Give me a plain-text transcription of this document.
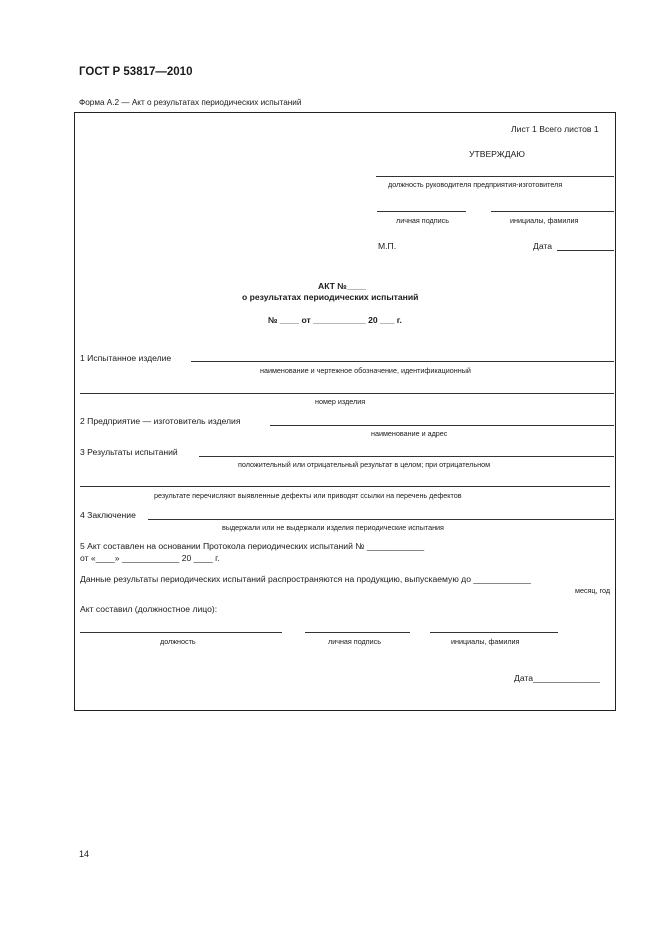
ГОСТ Р 53817—2010
Форма А.2 — Акт о результатах периодических испытаний
Лист 1 Всего листов 1
УТВЕРЖДАЮ
должность руководителя предприятия-изготовителя
личная подпись	инициалы, фамилия
М.П.	Дата
АКТ №____
о результатах периодических испытаний
№ ____ от ___________ 20 ___ г.
1 Испытанное изделие
наименование и чертежное обозначение, идентификационный
номер изделия
2 Предприятие — изготовитель изделия
наименование и адрес
3 Результаты испытаний
положительный или отрицательный результат в целом; при отрицательном
результате перечисляют выявленные дефекты или приводят ссылки на перечень дефектов
4 Заключение
выдержали или не выдержали изделия периодические испытания
5 Акт составлен на основании Протокола периодических испытаний № ____________
от «____» ____________ 20 ____ г.
Данные результаты периодических испытаний распространяются на продукцию, выпускаемую до ____________
месяц, год
Акт составил (должностное лицо):
должность	личная подпись	инициалы, фамилия
Дата______________
14
